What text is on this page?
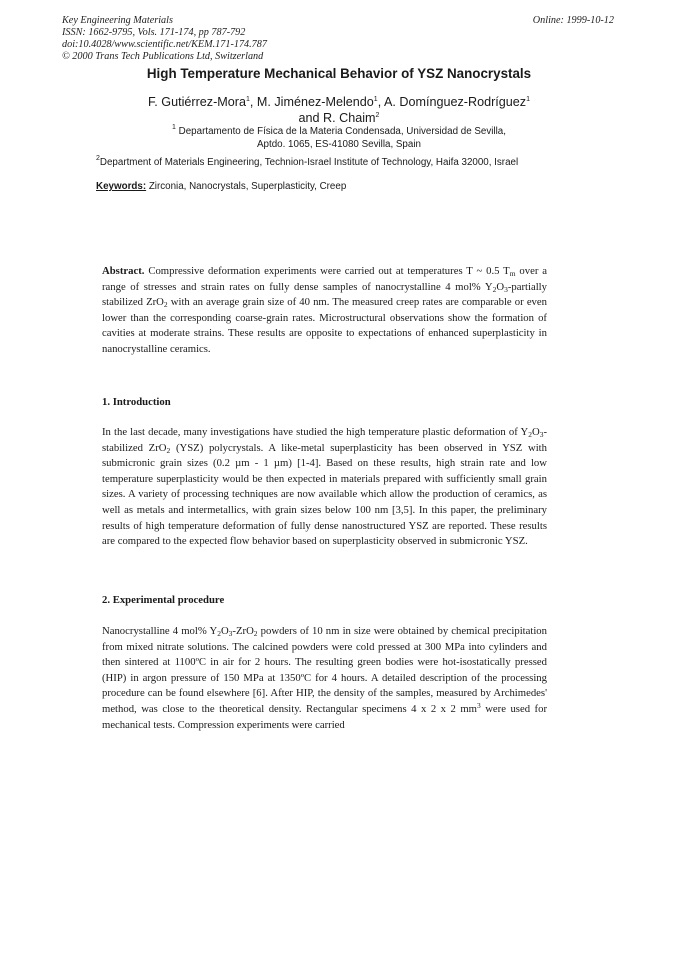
Key Engineering Materials
ISSN: 1662-9795, Vols. 171-174, pp 787-792
doi:10.4028/www.scientific.net/KEM.171-174.787
© 2000 Trans Tech Publications Ltd, Switzerland
Online: 1999-10-12
High Temperature Mechanical Behavior of YSZ Nanocrystals
F. Gutiérrez-Mora$^1$, M. Jiménez-Melendo$^1$, A. Domínguez-Rodríguez$^1$
and R. Chaim$^2$
$^1$ Departamento de Física de la Materia Condensada, Universidad de Sevilla,
Aptdo. 1065, ES-41080 Sevilla, Spain
$^2$Department of Materials Engineering, Technion-Israel Institute of Technology, Haifa 32000, Israel
Keywords: Zirconia, Nanocrystals, Superplasticity, Creep
Abstract. Compressive deformation experiments were carried out at temperatures T ~ 0.5 $T_m$ over a range of stresses and strain rates on fully dense samples of nanocrystalline 4 mol% $Y_2O_3$-partially stabilized ZrO$_2$ with an average grain size of 40 nm. The measured creep rates are comparable or even lower than the corresponding coarse-grain rates. Microstructural observations show the formation of cavities at moderate strains. These results are opposite to expectations of enhanced superplasticity in nanocrystalline ceramics.
1. Introduction
In the last decade, many investigations have studied the high temperature plastic deformation of $Y_2O_3$-stabilized ZrO$_2$ (YSZ) polycrystals. A like-metal superplasticity has been observed in YSZ with submicronic grain sizes (0.2 µm - 1 µm) [1-4]. Based on these results, high strain rate and low temperature superplasticity would be then expected in materials prepared with sufficiently small grain sizes. A variety of processing techniques are now available which allow the production of ceramics, as well as metals and intermetallics, with grain sizes below 100 nm [3,5]. In this paper, the preliminary results of high temperature deformation of fully dense nanostructured YSZ are reported. These results are compared to the expected flow behavior based on superplasticity observed in submicronic YSZ.
2. Experimental procedure
Nanocrystalline 4 mol% $Y_2O_3-ZrO_2$ powders of 10 nm in size were obtained by chemical precipitation from mixed nitrate solutions. The calcined powders were cold pressed at 300 MPa into cylinders and then sintered at 1100ºC in air for 2 hours. The resulting green bodies were hot-isostatically pressed (HIP) in argon pressure of 150 MPa at 1350ºC for 4 hours. A detailed description of the processing procedure can be found elsewhere [6]. After HIP, the density of the samples, measured by Archimedes' method, was close to the theoretical density. Rectangular specimens 4 x 2 x 2 $mm^3$ were used for mechanical tests. Compression experiments were carried
